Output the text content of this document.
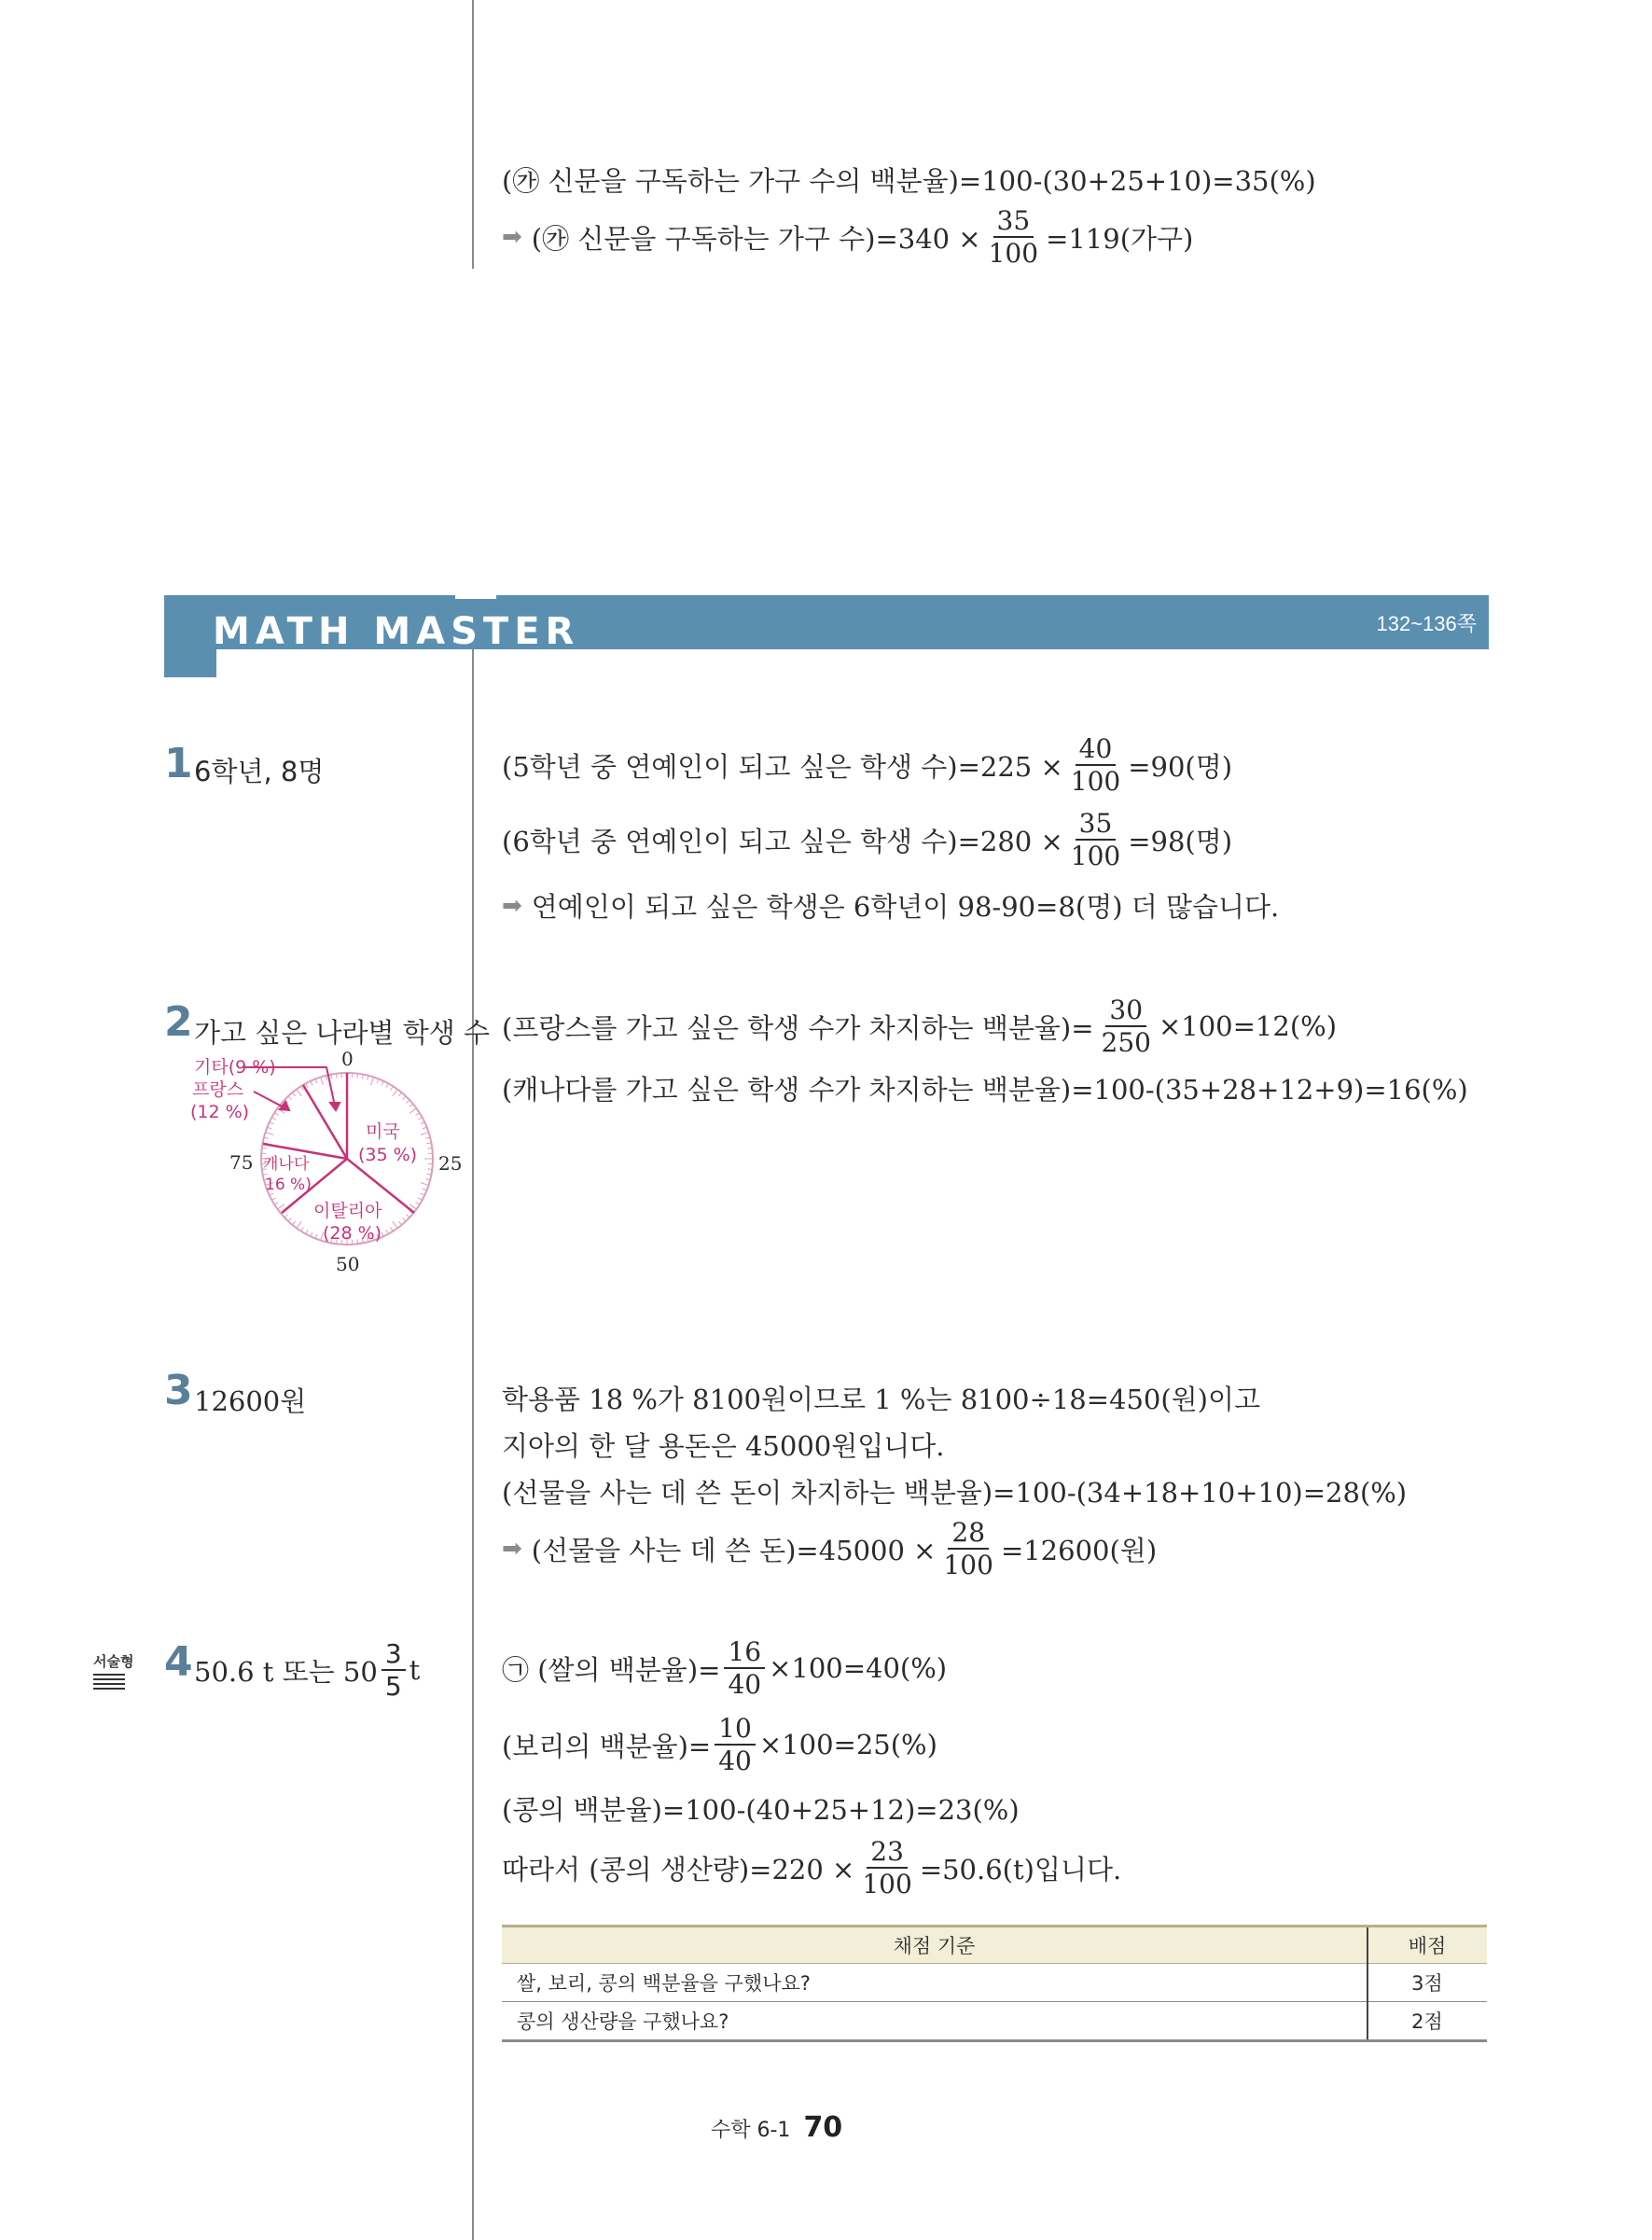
(㉮ 신문을 구독하는 가구 수의 백분율)=100-(30+25+10)=35(%)
➡ (㉮ 신문을 구독하는 가구 수)$=340 \times \frac{35}{100} =119$(가구)
MATH MASTER	132~136쪽
1 6학년, 8명	(5학년 중 연예인이 되고 싶은 학생 수)$=225 \times \frac{40}{100} =90$(명)
(6학년 중 연예인이 되고 싶은 학생 수)$=280 \times \frac{35}{100} =98$(명)
➡ 연예인이 되고 싶은 학생은 6학년이 98-90=8(명) 더 많습니다.
2 가고 싶은 나라별 학생 수 (프랑스를 가고 싶은 학생 수가 차지하는 백분율)= $\frac{30}{250} \times 100=12(\%)$
(캐나다를 가고 싶은 학생 수가 차지하는 백분율)=100-(35+28+12+9)=16(%)
0
25
50
75
미국
(35 %)
이탈리아
(28 %)
캐나다
16 %)
기타(9 %)
프랑스
(12 %)
3 12600원	학용품 18 %가 8100원이므로 1 %는 8100÷18=450(원)이고
지아의 한 달 용돈은 45000원입니다.
(선물을 사는 데 쓴 돈이 차지하는 백분율)=100-(34+18+10+10)=28(%)
➡ (선물을 사는 데 쓴 돈)$=45000 \times \frac{28}{100} =12600$(원)
서술형 4 50.6 t 또는 $50 \frac{3}{5}$ t	㉠ (쌀의 백분율)= $\frac{16}{40} \times 100=40(\%)$
(보리의 백분율)= $\frac{10}{40} \times 100=25(\%)$
(콩의 백분율)=100-(40+25+12)=23(%)
따라서 (콩의 생산량)$=220 \times \frac{23}{100} =50.6(t)$입니다.
채점 기준	배점
쌀, 보리, 콩의 백분율을 구했나요?	3점
콩의 생산량을 구했나요?	2점
수학 6-1 70
